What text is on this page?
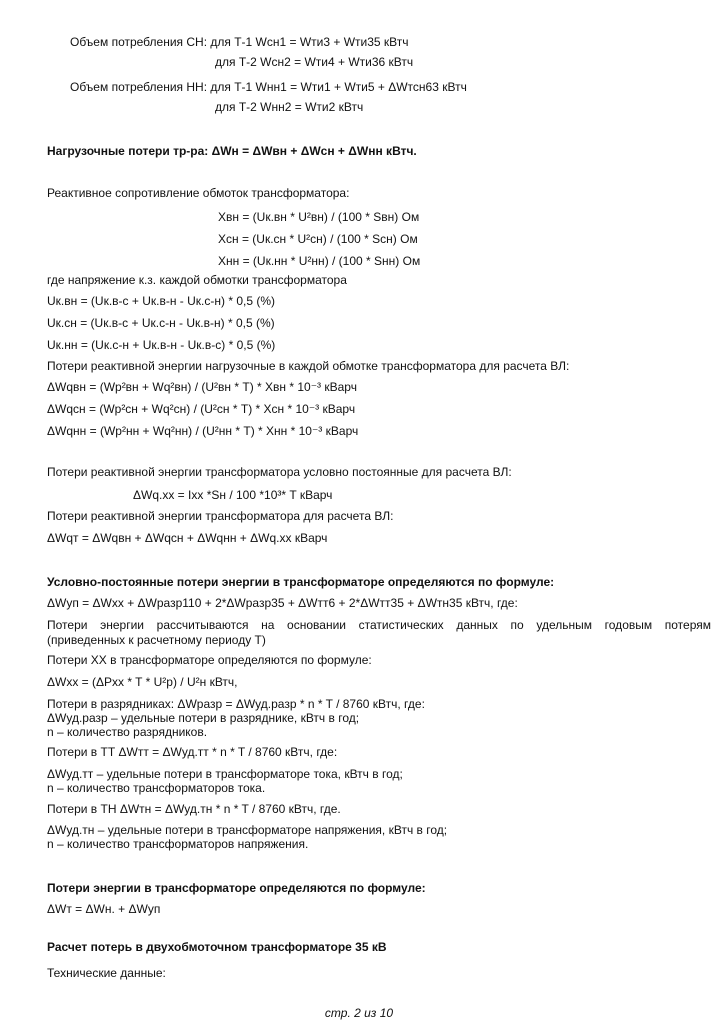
Объем потребления СН: для Т-1 Wсн1 = Wти3 + Wти35 кВтч
для Т-2 Wсн2 = Wти4 + Wти36 кВтч
Объем потребления НН: для Т-1 Wнн1 = Wти1 + Wти5 + ΔWтсн63 кВтч
для Т-2 Wнн2 = Wти2 кВтч
Нагрузочные потери тр-ра: ΔWн = ΔWвн + ΔWсн + ΔWнн кВтч.
Реактивное сопротивление обмоток трансформатора:
Xвн = (Uк.вн * U²вн) / (100 * Sвн) Ом
Xсн = (Uк.сн * U²сн) / (100 * Sсн) Ом
Xнн = (Uк.нн * U²нн) / (100 * Sнн) Ом
где напряжение к.з. каждой обмотки трансформатора
Uк.вн = (Uк.в-с + Uк.в-н - Uк.с-н) * 0,5 (%)
Uк.сн = (Uк.в-с + Uк.с-н - Uк.в-н) * 0,5 (%)
Uк.нн = (Uк.с-н + Uк.в-н - Uк.в-с) * 0,5 (%)
Потери реактивной энергии нагрузочные в каждой обмотке трансформатора для расчета ВЛ:
ΔWqвн = (Wp²вн + Wq²вн) / (U²вн * T) * Xвн * 10⁻³ кВарч
ΔWqсн = (Wp²сн + Wq²сн) / (U²сн * T) * Xсн * 10⁻³ кВарч
ΔWqнн = (Wp²нн + Wq²нн) / (U²нн * T) * Xнн * 10⁻³ кВарч
Потери реактивной энергии трансформатора условно постоянные для расчета ВЛ:
ΔWq.xx = Ixx *Sн / 100 *10³* T кВарч
Потери реактивной энергии трансформатора для расчета ВЛ:
ΔWqт = ΔWqвн + ΔWqсн + ΔWqнн + ΔWq.xx кВарч
Условно-постоянные потери энергии в трансформаторе определяются по формуле:
ΔWуп = ΔWxx + ΔWразр110 + 2*ΔWразр35 + ΔWтт6 + 2*ΔWтт35 + ΔWтн35 кВтч, где:
Потери энергии рассчитываются на основании статистических данных по удельным годовым потерям
(приведенных к расчетному периоду Т)
Потери ХХ в трансформаторе определяются по формуле:
ΔWxx = (ΔPxx * T * U²p) / U²н кВтч,
Потери в разрядниках: ΔWразр = ΔWуд.разр * n * T / 8760 кВтч, где:
ΔWуд.разр – удельные потери в разряднике, кВтч в год;
n – количество разрядников.
Потери в ТТ ΔWтт = ΔWуд.тт * n * T / 8760 кВтч, где:
ΔWуд.тт – удельные потери в трансформаторе тока, кВтч в год;
n – количество трансформаторов тока.
Потери в ТН ΔWтн = ΔWуд.тн * n * T / 8760 кВтч, где.
ΔWуд.тн – удельные потери в трансформаторе напряжения, кВтч в год;
n – количество трансформаторов напряжения.
Потери энергии в трансформаторе определяются по формуле:
ΔWт = ΔWн. + ΔWуп
Расчет потерь в двухобмоточном трансформаторе 35 кВ
Технические данные:
стр. 2 из 10
